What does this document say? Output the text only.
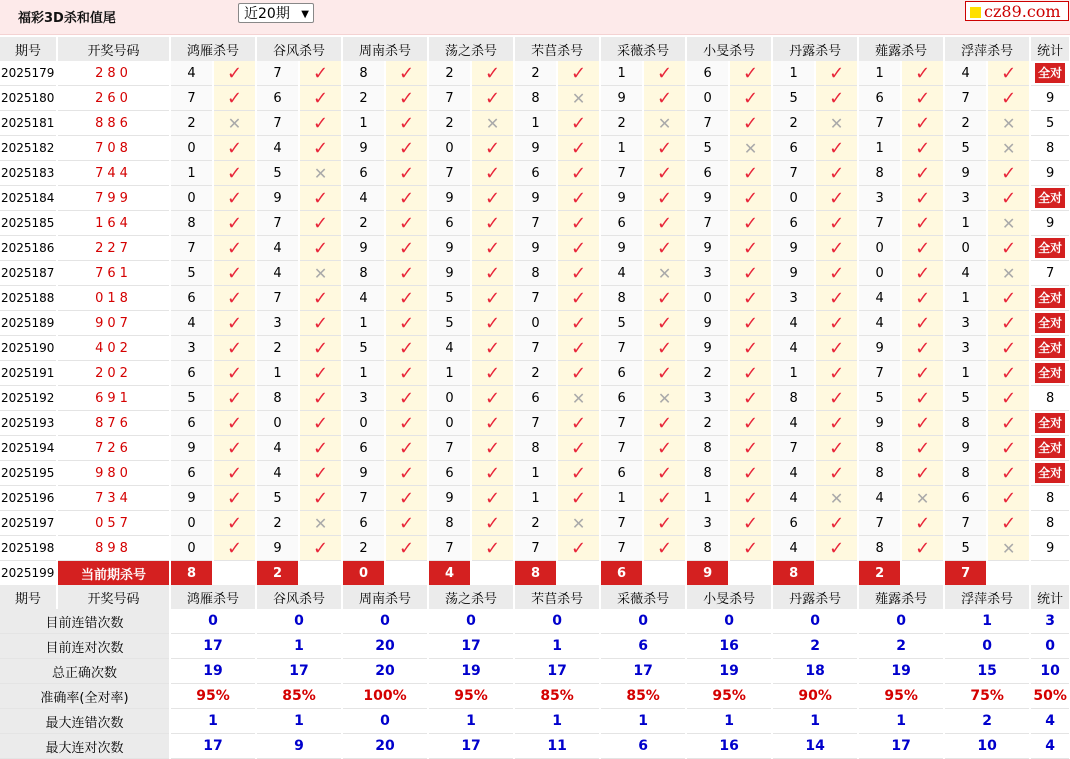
福彩3D杀和值尾	近20期 ▼	cz89.com
期号	开奖号码	鸿雁杀号		谷风杀号		周南杀号		荡之杀号		芣苢杀号		采薇杀号		小旻杀号		丹露杀号		薤露杀号		浮萍杀号		统计
2025179	280	4	✓	7	✓	8	✓	2	✓	2	✓	1	✓	6	✓	1	✓	1	✓	4	✓	全对
2025180	260	7	✓	6	✓	2	✓	7	✓	8	✕	9	✓	0	✓	5	✓	6	✓	7	✓	9
2025181	886	2	✕	7	✓	1	✓	2	✕	1	✓	2	✕	7	✓	2	✕	7	✓	2	✕	5
2025182	708	0	✓	4	✓	9	✓	0	✓	9	✓	1	✓	5	✕	6	✓	1	✓	5	✕	8
2025183	744	1	✓	5	✕	6	✓	7	✓	6	✓	7	✓	6	✓	7	✓	8	✓	9	✓	9
2025184	799	0	✓	9	✓	4	✓	9	✓	9	✓	9	✓	9	✓	0	✓	3	✓	3	✓	全对
2025185	164	8	✓	7	✓	2	✓	6	✓	7	✓	6	✓	7	✓	6	✓	7	✓	1	✕	9
2025186	227	7	✓	4	✓	9	✓	9	✓	9	✓	9	✓	9	✓	9	✓	0	✓	0	✓	全对
2025187	761	5	✓	4	✕	8	✓	9	✓	8	✓	4	✕	3	✓	9	✓	0	✓	4	✕	7
2025188	018	6	✓	7	✓	4	✓	5	✓	7	✓	8	✓	0	✓	3	✓	4	✓	1	✓	全对
2025189	907	4	✓	3	✓	1	✓	5	✓	0	✓	5	✓	9	✓	4	✓	4	✓	3	✓	全对
2025190	402	3	✓	2	✓	5	✓	4	✓	7	✓	7	✓	9	✓	4	✓	9	✓	3	✓	全对
2025191	202	6	✓	1	✓	1	✓	1	✓	2	✓	6	✓	2	✓	1	✓	7	✓	1	✓	全对
2025192	691	5	✓	8	✓	3	✓	0	✓	6	✕	6	✕	3	✓	8	✓	5	✓	5	✓	8
2025193	876	6	✓	0	✓	0	✓	0	✓	7	✓	7	✓	2	✓	4	✓	9	✓	8	✓	全对
2025194	726	9	✓	4	✓	6	✓	7	✓	8	✓	7	✓	8	✓	7	✓	8	✓	9	✓	全对
2025195	980	6	✓	4	✓	9	✓	6	✓	1	✓	6	✓	8	✓	4	✓	8	✓	8	✓	全对
2025196	734	9	✓	5	✓	7	✓	9	✓	1	✓	1	✓	1	✓	4	✕	4	✕	6	✓	8
2025197	057	0	✓	2	✕	6	✓	8	✓	2	✕	7	✓	3	✓	6	✓	7	✓	7	✓	8
2025198	898	0	✓	9	✓	2	✓	7	✓	7	✓	7	✓	8	✓	4	✓	8	✓	5	✕	9
2025199	当前期杀号	8		2		0		4		8		6		9		8		2		7		
期号	开奖号码	鸿雁杀号		谷风杀号		周南杀号		荡之杀号		芣苢杀号		采薇杀号		小旻杀号		丹露杀号		薤露杀号		浮萍杀号		统计
目前连错次数		0		0		0		0		0		0		0		0		0		1		3
目前连对次数		17		1		20		17		1		6		16		2		2		0		0
总正确次数		19		17		20		19		17		17		19		18		19		15		10
准确率(全对率)		95%		85%		100%		95%		85%		85%		95%		90%		95%		75%		50%
最大连错次数		1		1		0		1		1		1		1		1		1		2		4
最大连对次数		17		9		20		17		11		6		16		14		17		10		4
